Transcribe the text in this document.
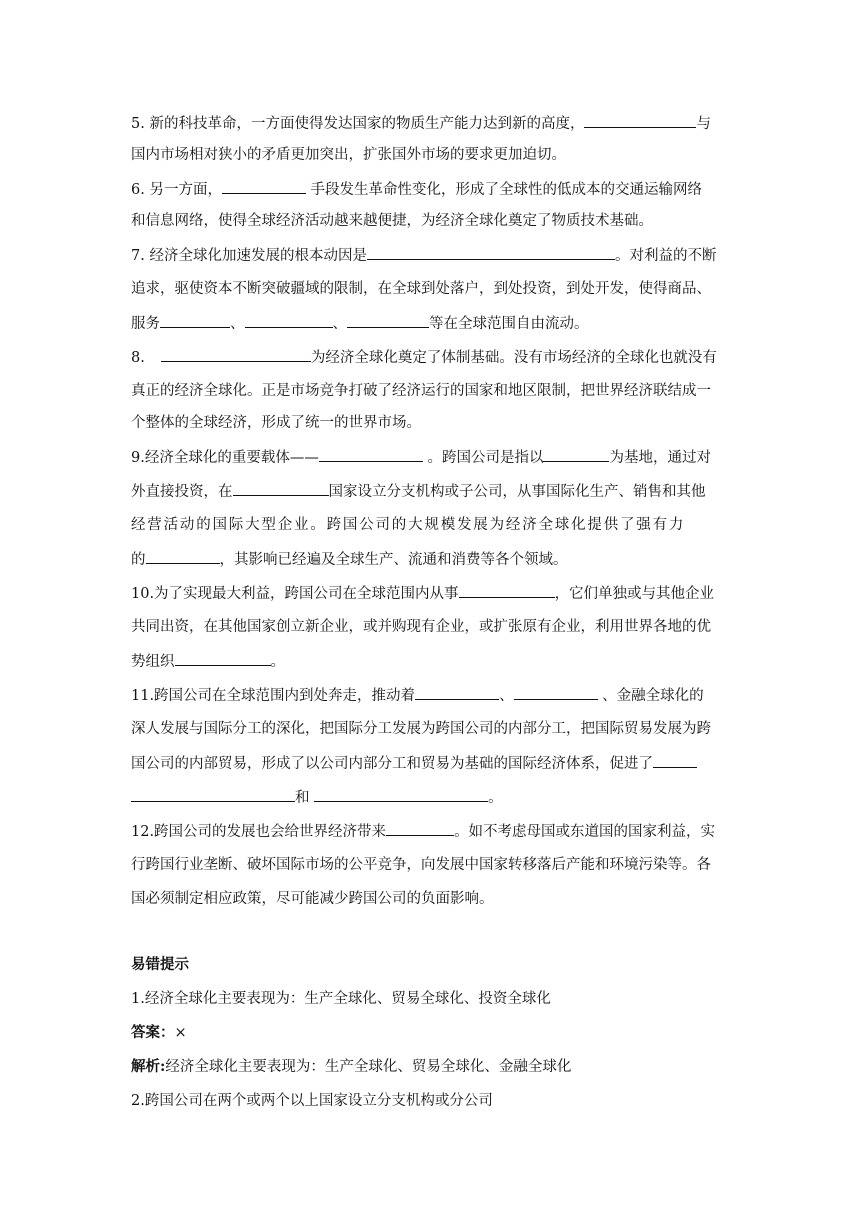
5. 新的科技革命，一方面使得发达国家的物质生产能力达到新的高度，	与
国内市场相对狭小的矛盾更加突出，扩张国外市场的要求更加迫切。
6. 另一方面，	手段发生革命性变化，形成了全球性的低成本的交通运输网络
和信息网络，使得全球经济活动越来越便捷，为经济全球化奠定了物质技术基础。
7. 经济全球化加速发展的根本动因是	。对利益的不断
追求，驱使资本不断突破疆域的限制，在全球到处落户，到处投资，到处开发，使得商品、
服务	、	、	等在全球范围自由流动。
8.	为经济全球化奠定了体制基础。没有市场经济的全球化也就没有
真正的经济全球化。正是市场竞争打破了经济运行的国家和地区限制，把世界经济联结成一
个整体的全球经济，形成了统一的世界市场。
9.经济全球化的重要载体——	。跨国公司是指以	为基地，通过对
外直接投资，在	国家设立分支机构或子公司，从事国际化生产、销售和其他
经营活动的国际大型企业。跨国公司的大规模发展为经济全球化提供了强有力
的	，其影响已经遍及全球生产、流通和消费等各个领域。
10.为了实现最大利益，跨国公司在全球范围内从事	，它们单独或与其他企业
共同出资，在其他国家创立新企业，或并购现有企业，或扩张原有企业，利用世界各地的优
势组织	。
11.跨国公司在全球范围内到处奔走，推动着	、	、金融全球化的
深人发展与国际分工的深化，把国际分工发展为跨国公司的内部分工，把国际贸易发展为跨
国公司的内部贸易，形成了以公司内部分工和贸易为基础的国际经济体系，促进了
和	。
12.跨国公司的发展也会给世界经济带来	。如不考虑母国或东道国的国家利益，实
行跨国行业垄断、破坏国际市场的公平竞争，向发展中国家转移落后产能和环境污染等。各
国必须制定相应政策，尽可能减少跨国公司的负面影响。
易错提示
1.经济全球化主要表现为：生产全球化、贸易全球化、投资全球化
答案：×
解析:经济全球化主要表现为：生产全球化、贸易全球化、金融全球化
2.跨国公司在两个或两个以上国家设立分支机构或分公司
